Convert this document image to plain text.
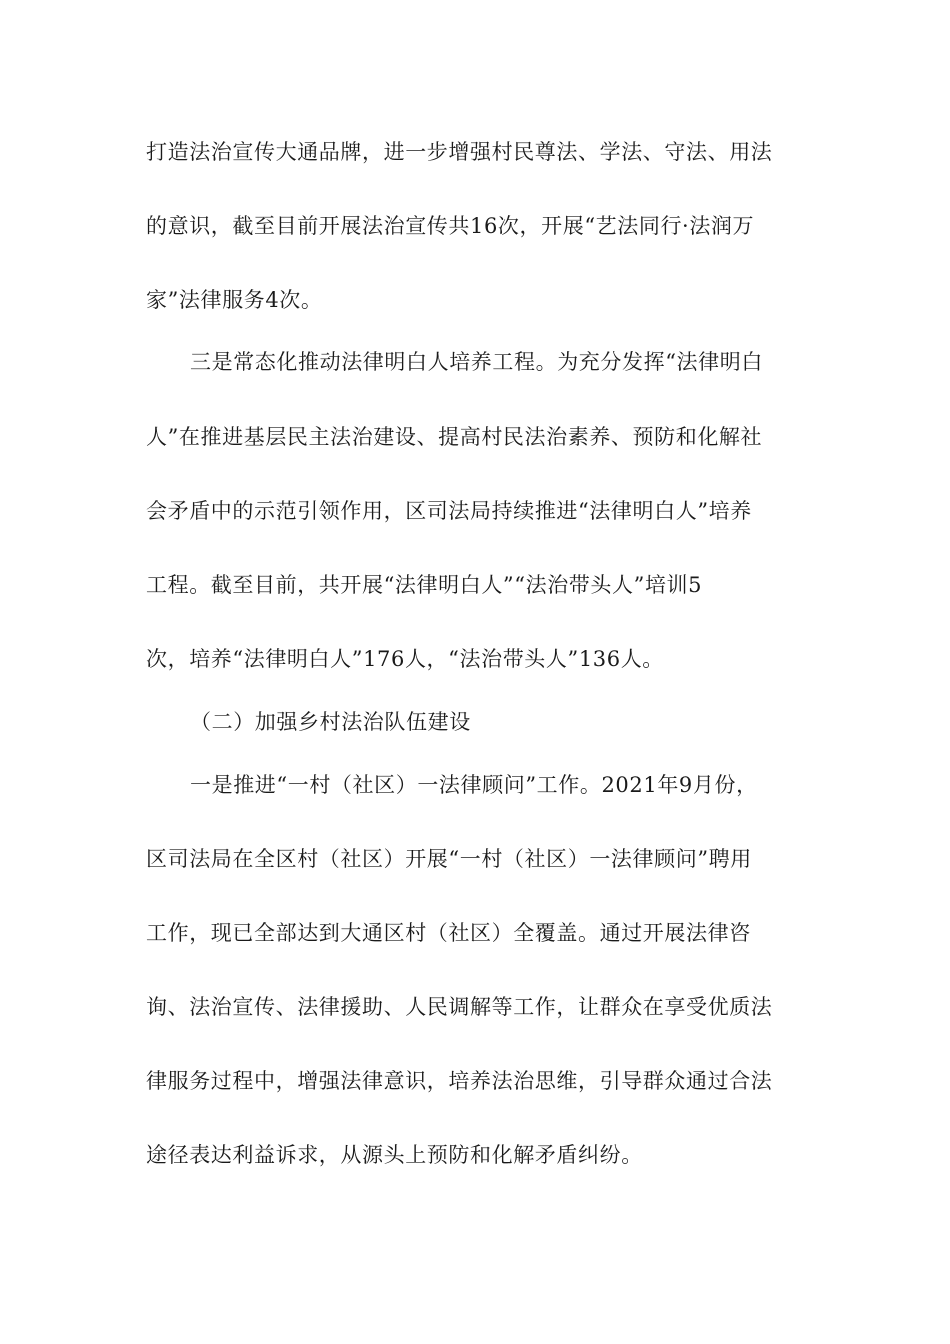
打造法治宣传大通品牌，进一步增强村民尊法、学法、守法、用法
的意识，截至目前开展法治宣传共16次，开展“艺法同行·法润万
家”法律服务4次。
三是常态化推动法律明白人培养工程。为充分发挥“法律明白
人”在推进基层民主法治建设、提高村民法治素养、预防和化解社
会矛盾中的示范引领作用，区司法局持续推进“法律明白人”培养
工程。截至目前，共开展“法律明白人”“法治带头人”培训5
次，培养“法律明白人”176人，“法治带头人”136人。
（二）加强乡村法治队伍建设
一是推进“一村（社区）一法律顾问”工作。2021年9月份，
区司法局在全区村（社区）开展“一村（社区）一法律顾问”聘用
工作，现已全部达到大通区村（社区）全覆盖。通过开展法律咨
询、法治宣传、法律援助、人民调解等工作，让群众在享受优质法
律服务过程中，增强法律意识，培养法治思维，引导群众通过合法
途径表达利益诉求，从源头上预防和化解矛盾纠纷。
